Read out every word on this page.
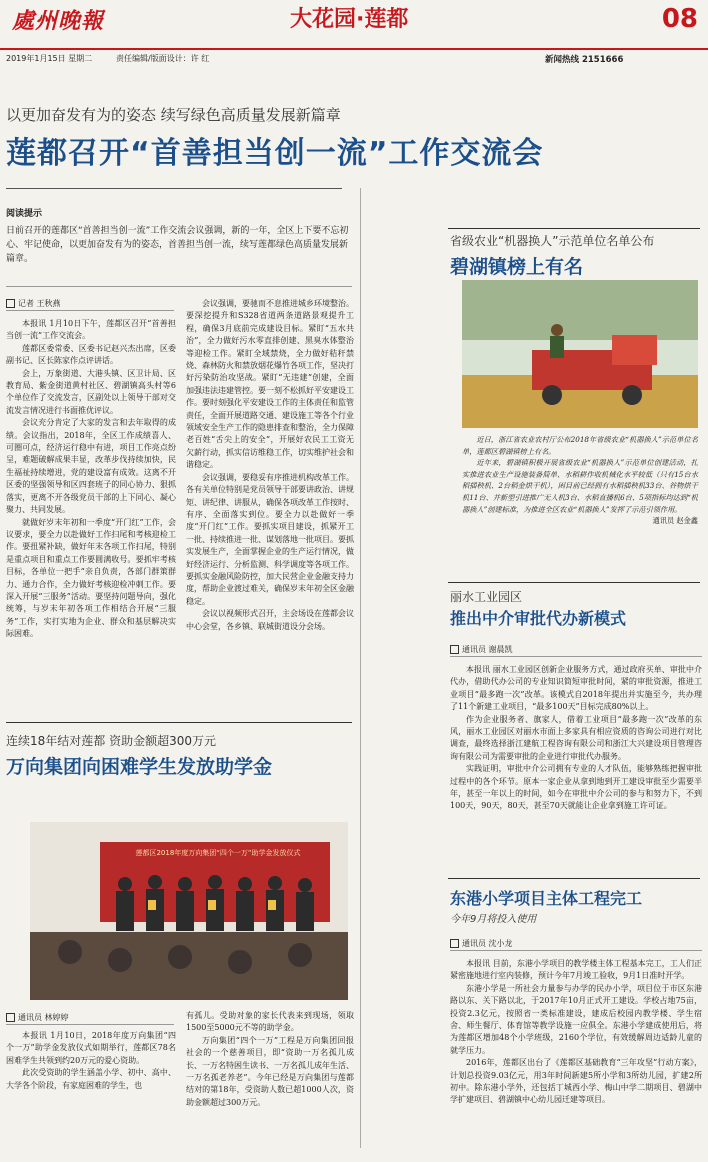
處州晚報	大花园·莲都	08
2019年1月15日 星期二	责任编辑/版面设计：许 红	新闻热线 2151666
以更加奋发有为的姿态 续写绿色高质量发展新篇章
莲都召开“首善担当创一流”工作交流会
阅读提示
日前召开的莲都区“首善担当创一流”工作交流会议强调，新的一年，全区上下要不忘初心、牢记使命，以更加奋发有为的姿态，首善担当创一流，续写莲都绿色高质量发展新篇章。
记者 王秋燕

本报讯 1月10日下午，莲都区召开“首善担当创一流”工作交流会。

莲都区委常委、区委书记赵兴杰出席，区委副书记、区长陈家作点评讲话。

会上，万象街道、大港头镇、区卫计局、区教育局、紫金街道黄村社区、碧湖镇高头村等6个单位作了交流发言，区副处以上领导干部对交流发言情况进行书面推优评议。

会议充分肯定了大家的发言和去年取得的成绩。会议指出，2018年，全区工作成绩喜人、可圈可点，经济运行稳中有进，项目工作亮点纷呈，难题破解成果丰显，改革步伐持续加快，民生福祉持续增进，党的建设富有成效。这离不开区委的坚强领导和区四套班子的同心协力、狠抓落实，更离不开各级党员干部的上下同心、凝心聚力、共同发展。

就做好岁末年初和一季度“开门红”工作，会议要求，要全力以赴做好工作扫尾和考核迎检工作。要扭紧补缺，做好年末各项工作扫尾，特别是重点项目和重点工作要圆满收号。要抓牢考核目标，各单位一把手“亲自负责，各部门群策群力、通力合作，全力做好考核迎检冲刺工作。要深入开展“三服务”活动。要坚持问题导向，强化统筹，与岁末年初各项工作相结合开展“三服务”工作，实打实地为企业、群众和基层解决实际困难。

会议强调，要驰而不息推进城乡环境整治。要深挖提升和S328省道两条道路景观提升工程，确保3月底前完成建设目标。紧盯“五水共治”，全力做好污水零直排创建、黑臭水体整治等迎检工作。紧盯全域禁烧，全力做好秸秆禁烧、森林防火和禁放烟花爆竹各项工作，坚决打好污染防治攻坚战。紧盯“无违建”创建，全面加强违法违建管控。要一刻不松抓好平安建设工作。要时刻强化平安建设工作的主体责任和监管责任，全面开展道路交通、建设施工等各个行业领域安全生产工作的隐患排查和整治，全力保障老百姓“舌尖上的安全”，开展好农民工工资无欠薪行动，抓实信访维稳工作，切实维护社会和谐稳定。

会议强调，要稳妥有序推进机构改革工作。各有关单位特别是党员领导干部要讲政治、讲规矩、讲纪律、讲服从，确保各项改革工作按时、有序、全面落实到位。要全力以赴做好一季度“开门红”工作。要抓实项目建设，抓紧开工一批、持续推进一批、谋划落地一批项目。要抓实发展生产，全面掌握企业的生产运行情况，做好经济运行、分析监测、科学调度等各项工作。要抓实金融风险防控，加大民营企业金融支持力度，帮助企业渡过难关，确保岁末年初全区金融稳定。

会议以视频形式召开，主会场设在莲都会议中心会堂，各乡镇、联城街道设分会场。

连续18年结对莲都 资助金额超300万元
万向集团向困难学生发放助学金
莲都区2018年度万向集团“四个一万”助学金发放仪式
通讯员 林婷婷

本报讯 1月10日，2018年度万向集团“四个一万”助学金发放仪式如期举行，莲都区78名困难学生共领到约20万元的爱心资助。

此次受资助的学生涵盖小学、初中、高中、大学各个阶段，有家庭困难的学生，也

有孤儿。受助对象的家长代表来到现场，领取1500至5000元不等的助学金。

万向集团“四个一万”工程是万向集团回报社会的一个慈善项目，即“资助一万名孤儿成长、一万名特困生读书、一万名孤儿成年生活、一万名孤老养老”。今年已经是万向集团与莲都结对的第18年，受资助人数已超1000人次，资助金额超过300万元。

省级农业“机器换人”示范单位名单公布
碧湖镇榜上有名

近日，浙江省农业农村厅公布2018年省级农业“机器换人”示范单位名单，莲都区碧湖镇榜上有名。

近年来，碧湖镇积极开展省级农业“机器换人”示范单位创建活动，扎实推进农业生产设施装备简单、水稻耕作收机械化水平较低（只有15台水稻插秧机、2台稻金烘干机），困目前已经拥有水稻插秧机33台、谷物烘干机11台、并新型引进推广无人机3台、水稻直播机6台、5项指标均达到“机器换人”创建标准，为推进全区农业“机器换人”发挥了示范引领作用。

通讯员 赵金鑫

丽水工业园区
推出中介审批代办新模式
通讯员 谢晨凯

本报讯 丽水工业园区创新企业服务方式，通过政府买单、审批中介代办，借助代办公司的专业知识简短审批时间，紧的审批资源，推进工业项目“最多跑一次”改革。该模式自2018年提出并实施至今，共办理了11个新建工业项目，“最多100天”目标完成80%以上。

作为企业服务者、旗家人，借着工业项目“最多跑一次”改革的东风，丽水工业园区对丽水市面上多家具有相应资质的咨询公司进行对比调查，最终选择浙江建航工程咨询有限公司和浙江大兴建设项目管理咨询有限公司为需要审批的企业进行审批代办服务。

实践证明，审批中介公司拥有专业的人才队伍，能够熟练把握审批过程中的各个环节。原本一家企业从拿到地到开工建设审批至少需要半年，甚至一年以上的时间，如今在审批中介公司的参与和努力下，不到100天，90天，80天，甚至70天就能让企业拿到施工许可证。

东港小学项目主体工程完工
今年9月将投入使用
通讯员 沈小龙

本报讯 目前，东港小学项目的教学楼主体工程基本完工，工人们正紧密施地进行室内装修，预计今年7月竣工验收，9月1日准时开学。

东港小学是一所社会力量参与办学的民办小学，项目位于市区东港路以东、关下路以北，于2017年10月正式开工建设。学校占地75亩，投资2.3亿元，按照省一类标准建设，建成后校园内教学楼、学生宿舍、师生餐厅、体育馆等教学设施一应俱全。东港小学建成使用后，将为莲都区增加48个小学班级，2160个学位，有效缓解周边适龄儿童的就学压力。

2016年，莲都区出台了《莲都区基础教育“三年攻坚”行动方案》，计划总投资9.03亿元，用3年时间新建5所小学和3所幼儿园，扩建2所初中。除东港小学外，还包括丁城西小学、梅山中学二期项目、碧湖中学扩建项目、碧湖镇中心幼儿园迁建等项目。
